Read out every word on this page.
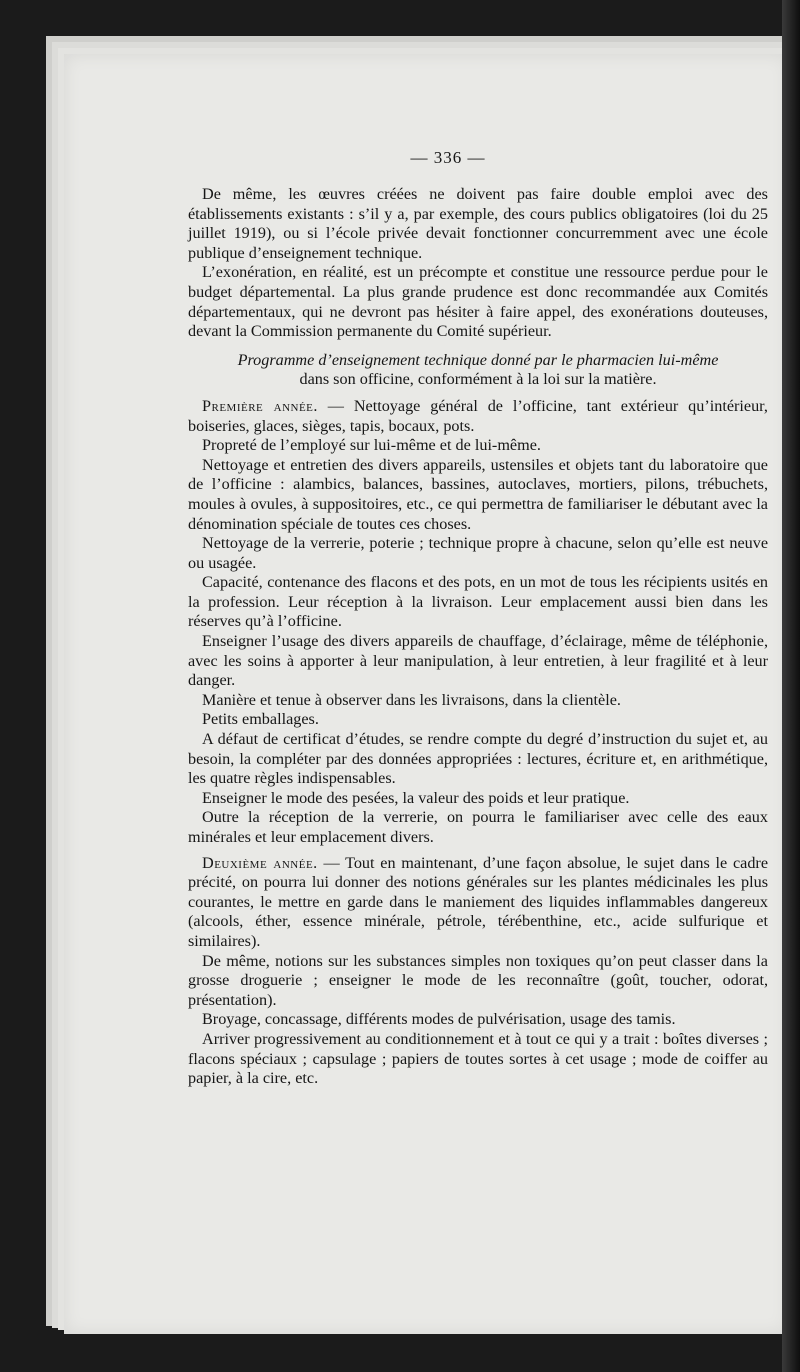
— 336 —

De même, les œuvres créées ne doivent pas faire double emploi avec des établissements existants : s’il y a, par exemple, des cours publics obligatoires (loi du 25 juillet 1919), ou si l’école privée devait fonctionner concurremment avec une école publique d’enseignement technique.

L’exonération, en réalité, est un précompte et constitue une ressource perdue pour le budget départemental. La plus grande prudence est donc recommandée aux Comités départementaux, qui ne devront pas hésiter à faire appel, des exonérations douteuses, devant la Commission permanente du Comité supérieur.

Programme d’enseignement technique donné par le pharmacien lui-même
dans son officine, conformément à la loi sur la matière.

Première année. — Nettoyage général de l’officine, tant extérieur qu’intérieur, boiseries, glaces, sièges, tapis, bocaux, pots.

Propreté de l’employé sur lui-même et de lui-même.

Nettoyage et entretien des divers appareils, ustensiles et objets tant du laboratoire que de l’officine : alambics, balances, bassines, autoclaves, mortiers, pilons, trébuchets, moules à ovules, à suppositoires, etc., ce qui permettra de familiariser le débutant avec la dénomination spéciale de toutes ces choses.

Nettoyage de la verrerie, poterie ; technique propre à chacune, selon qu’elle est neuve ou usagée.

Capacité, contenance des flacons et des pots, en un mot de tous les récipients usités en la profession. Leur réception à la livraison. Leur emplacement aussi bien dans les réserves qu’à l’officine.

Enseigner l’usage des divers appareils de chauffage, d’éclairage, même de téléphonie, avec les soins à apporter à leur manipulation, à leur entretien, à leur fragilité et à leur danger.

Manière et tenue à observer dans les livraisons, dans la clientèle.

Petits emballages.

A défaut de certificat d’études, se rendre compte du degré d’instruction du sujet et, au besoin, la compléter par des données appropriées : lectures, écriture et, en arithmétique, les quatre règles indispensables.

Enseigner le mode des pesées, la valeur des poids et leur pratique.

Outre la réception de la verrerie, on pourra le familiariser avec celle des eaux minérales et leur emplacement divers.

Deuxième année. — Tout en maintenant, d’une façon absolue, le sujet dans le cadre précité, on pourra lui donner des notions générales sur les plantes médicinales les plus courantes, le mettre en garde dans le maniement des liquides inflammables dangereux (alcools, éther, essence minérale, pétrole, térébenthine, etc., acide sulfurique et similaires).

De même, notions sur les substances simples non toxiques qu’on peut classer dans la grosse droguerie ; enseigner le mode de les reconnaître (goût, toucher, odorat, présentation).

Broyage, concassage, différents modes de pulvérisation, usage des tamis.

Arriver progressivement au conditionnement et à tout ce qui y a trait : boîtes diverses ; flacons spéciaux ; capsulage ; papiers de toutes sortes à cet usage ; mode de coiffer au papier, à la cire, etc.
